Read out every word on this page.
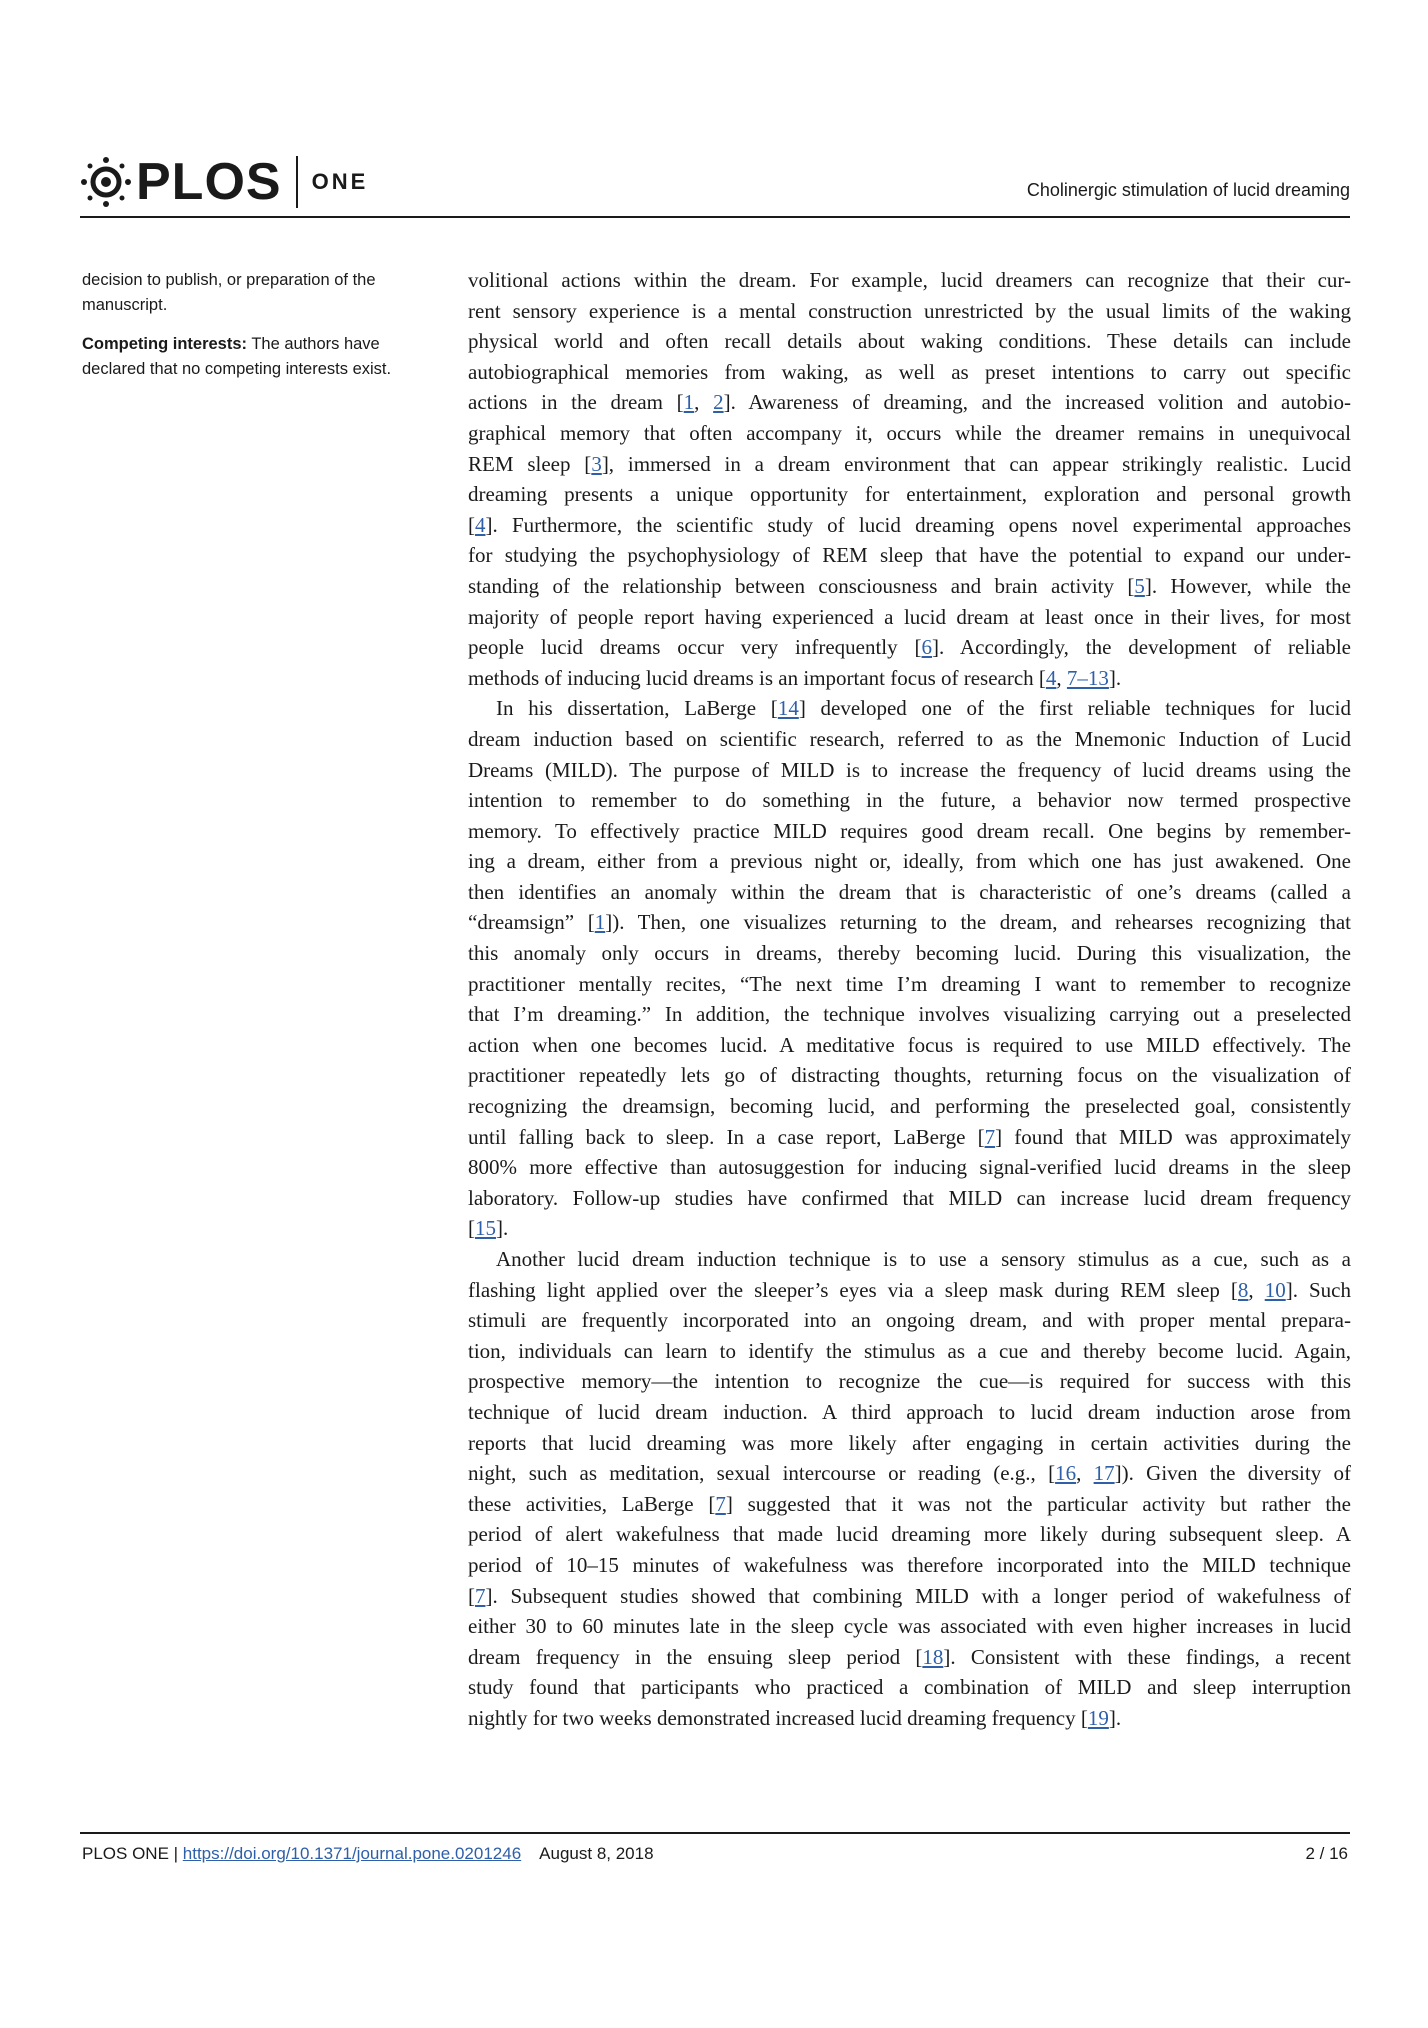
PLOS ONE	Cholinergic stimulation of lucid dreaming

decision to publish, or preparation of the manuscript.

Competing interests: The authors have declared that no competing interests exist.

volitional actions within the dream. For example, lucid dreamers can recognize that their cur-
rent sensory experience is a mental construction unrestricted by the usual limits of the waking
physical world and often recall details about waking conditions. These details can include
autobiographical memories from waking, as well as preset intentions to carry out specific
actions in the dream [1, 2]. Awareness of dreaming, and the increased volition and autobio-
graphical memory that often accompany it, occurs while the dreamer remains in unequivocal
REM sleep [3], immersed in a dream environment that can appear strikingly realistic. Lucid
dreaming presents a unique opportunity for entertainment, exploration and personal growth
[4]. Furthermore, the scientific study of lucid dreaming opens novel experimental approaches
for studying the psychophysiology of REM sleep that have the potential to expand our under-
standing of the relationship between consciousness and brain activity [5]. However, while the
majority of people report having experienced a lucid dream at least once in their lives, for most
people lucid dreams occur very infrequently [6]. Accordingly, the development of reliable
methods of inducing lucid dreams is an important focus of research [4, 7–13].
In his dissertation, LaBerge [14] developed one of the first reliable techniques for lucid
dream induction based on scientific research, referred to as the Mnemonic Induction of Lucid
Dreams (MILD). The purpose of MILD is to increase the frequency of lucid dreams using the
intention to remember to do something in the future, a behavior now termed prospective
memory. To effectively practice MILD requires good dream recall. One begins by remember-
ing a dream, either from a previous night or, ideally, from which one has just awakened. One
then identifies an anomaly within the dream that is characteristic of one’s dreams (called a
“dreamsign” [1]). Then, one visualizes returning to the dream, and rehearses recognizing that
this anomaly only occurs in dreams, thereby becoming lucid. During this visualization, the
practitioner mentally recites, “The next time I’m dreaming I want to remember to recognize
that I’m dreaming.” In addition, the technique involves visualizing carrying out a preselected
action when one becomes lucid. A meditative focus is required to use MILD effectively. The
practitioner repeatedly lets go of distracting thoughts, returning focus on the visualization of
recognizing the dreamsign, becoming lucid, and performing the preselected goal, consistently
until falling back to sleep. In a case report, LaBerge [7] found that MILD was approximately
800% more effective than autosuggestion for inducing signal-verified lucid dreams in the sleep
laboratory. Follow-up studies have confirmed that MILD can increase lucid dream frequency
[15].
Another lucid dream induction technique is to use a sensory stimulus as a cue, such as a
flashing light applied over the sleeper’s eyes via a sleep mask during REM sleep [8, 10]. Such
stimuli are frequently incorporated into an ongoing dream, and with proper mental prepara-
tion, individuals can learn to identify the stimulus as a cue and thereby become lucid. Again,
prospective memory—the intention to recognize the cue—is required for success with this
technique of lucid dream induction. A third approach to lucid dream induction arose from
reports that lucid dreaming was more likely after engaging in certain activities during the
night, such as meditation, sexual intercourse or reading (e.g., [16, 17]). Given the diversity of
these activities, LaBerge [7] suggested that it was not the particular activity but rather the
period of alert wakefulness that made lucid dreaming more likely during subsequent sleep. A
period of 10–15 minutes of wakefulness was therefore incorporated into the MILD technique
[7]. Subsequent studies showed that combining MILD with a longer period of wakefulness of
either 30 to 60 minutes late in the sleep cycle was associated with even higher increases in lucid
dream frequency in the ensuing sleep period [18]. Consistent with these findings, a recent
study found that participants who practiced a combination of MILD and sleep interruption
nightly for two weeks demonstrated increased lucid dreaming frequency [19].
PLOS ONE | https://doi.org/10.1371/journal.pone.0201246 August 8, 2018	2 / 16
